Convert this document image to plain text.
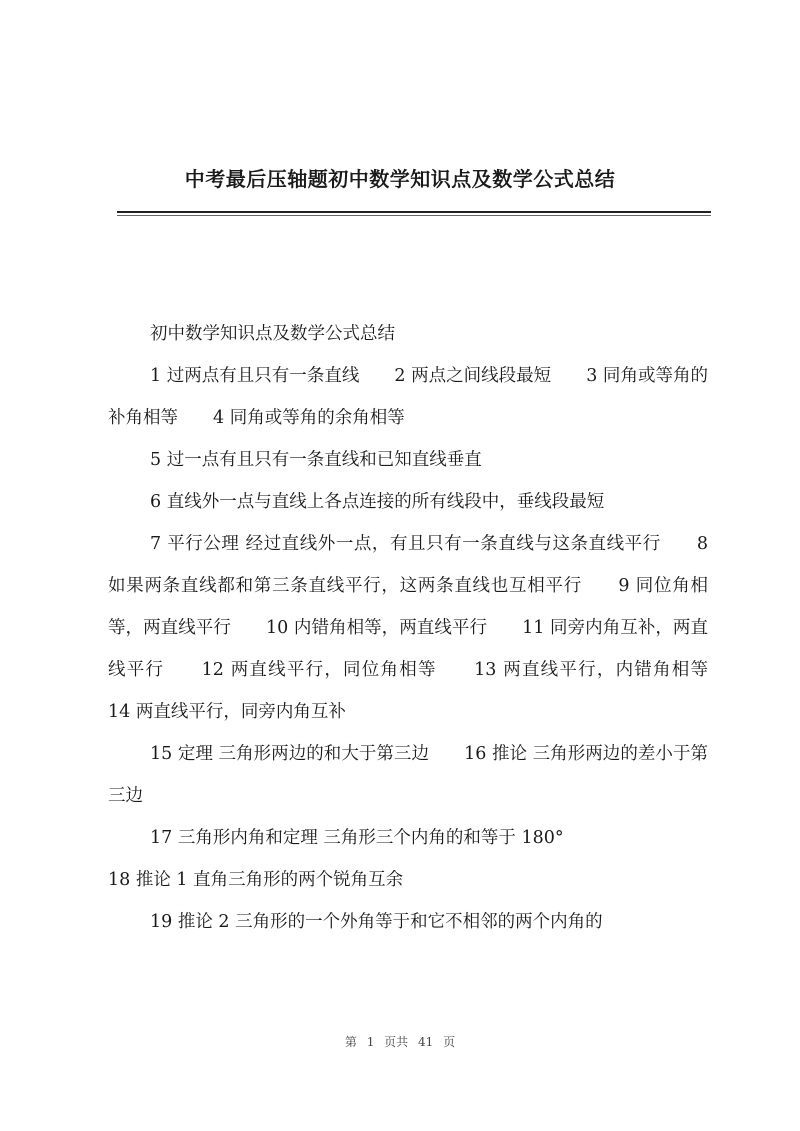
中考最后压轴题初中数学知识点及数学公式总结

初中数学知识点及数学公式总结

1 过两点有且只有一条直线　　2 两点之间线段最短　　3 同角或等角的补角相等　　4 同角或等角的余角相等

5 过一点有且只有一条直线和已知直线垂直

6 直线外一点与直线上各点连接的所有线段中，垂线段最短

7 平行公理 经过直线外一点，有且只有一条直线与这条直线平行　　8 如果两条直线都和第三条直线平行，这两条直线也互相平行　　9 同位角相等，两直线平行　　10 内错角相等，两直线平行　　11 同旁内角互补，两直线平行　　12 两直线平行，同位角相等　　13 两直线平行，内错角相等　　14 两直线平行，同旁内角互补

15 定理 三角形两边的和大于第三边　　16 推论 三角形两边的差小于第三边

17 三角形内角和定理 三角形三个内角的和等于 180°

18 推论 1 直角三角形的两个锐角互余

19 推论 2 三角形的一个外角等于和它不相邻的两个内角的

第 1 页共 41 页
